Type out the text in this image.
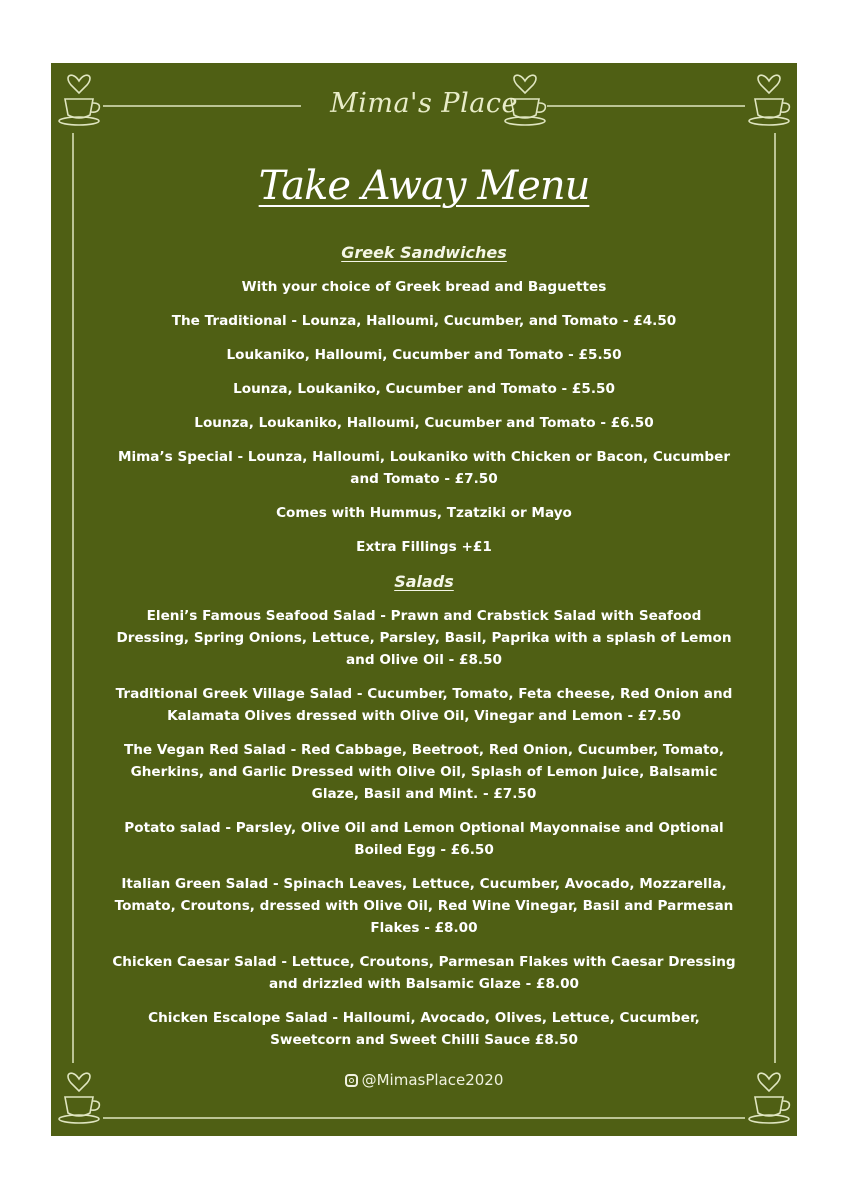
Mima's Place
Take Away Menu
Greek Sandwiches
With your choice of Greek bread and Baguettes
The Traditional - Lounza, Halloumi, Cucumber, and Tomato - £4.50
Loukaniko, Halloumi, Cucumber and Tomato - £5.50
Lounza, Loukaniko, Cucumber and Tomato - £5.50
Lounza, Loukaniko, Halloumi, Cucumber and Tomato - £6.50
Mima’s Special - Lounza, Halloumi, Loukaniko with Chicken or Bacon, Cucumber and Tomato - £7.50
Comes with Hummus, Tzatziki or Mayo
Extra Fillings +£1
Salads
Eleni’s Famous Seafood Salad - Prawn and Crabstick Salad with Seafood Dressing, Spring Onions, Lettuce, Parsley, Basil, Paprika with a splash of Lemon and Olive Oil - £8.50
Traditional Greek Village Salad - Cucumber, Tomato, Feta cheese, Red Onion and Kalamata Olives dressed with Olive Oil, Vinegar and Lemon - £7.50
The Vegan Red Salad - Red Cabbage, Beetroot, Red Onion, Cucumber, Tomato, Gherkins, and Garlic Dressed with Olive Oil, Splash of Lemon Juice, Balsamic Glaze, Basil and Mint. - £7.50
Potato salad - Parsley, Olive Oil and Lemon Optional Mayonnaise and Optional Boiled Egg - £6.50
Italian Green Salad - Spinach Leaves, Lettuce, Cucumber, Avocado, Mozzarella, Tomato, Croutons, dressed with Olive Oil, Red Wine Vinegar, Basil and Parmesan Flakes - £8.00
Chicken Caesar Salad - Lettuce, Croutons, Parmesan Flakes with Caesar Dressing and drizzled with Balsamic Glaze - £8.00
Chicken Escalope Salad - Halloumi, Avocado, Olives, Lettuce, Cucumber, Sweetcorn and Sweet Chilli Sauce £8.50
@MimasPlace2020
